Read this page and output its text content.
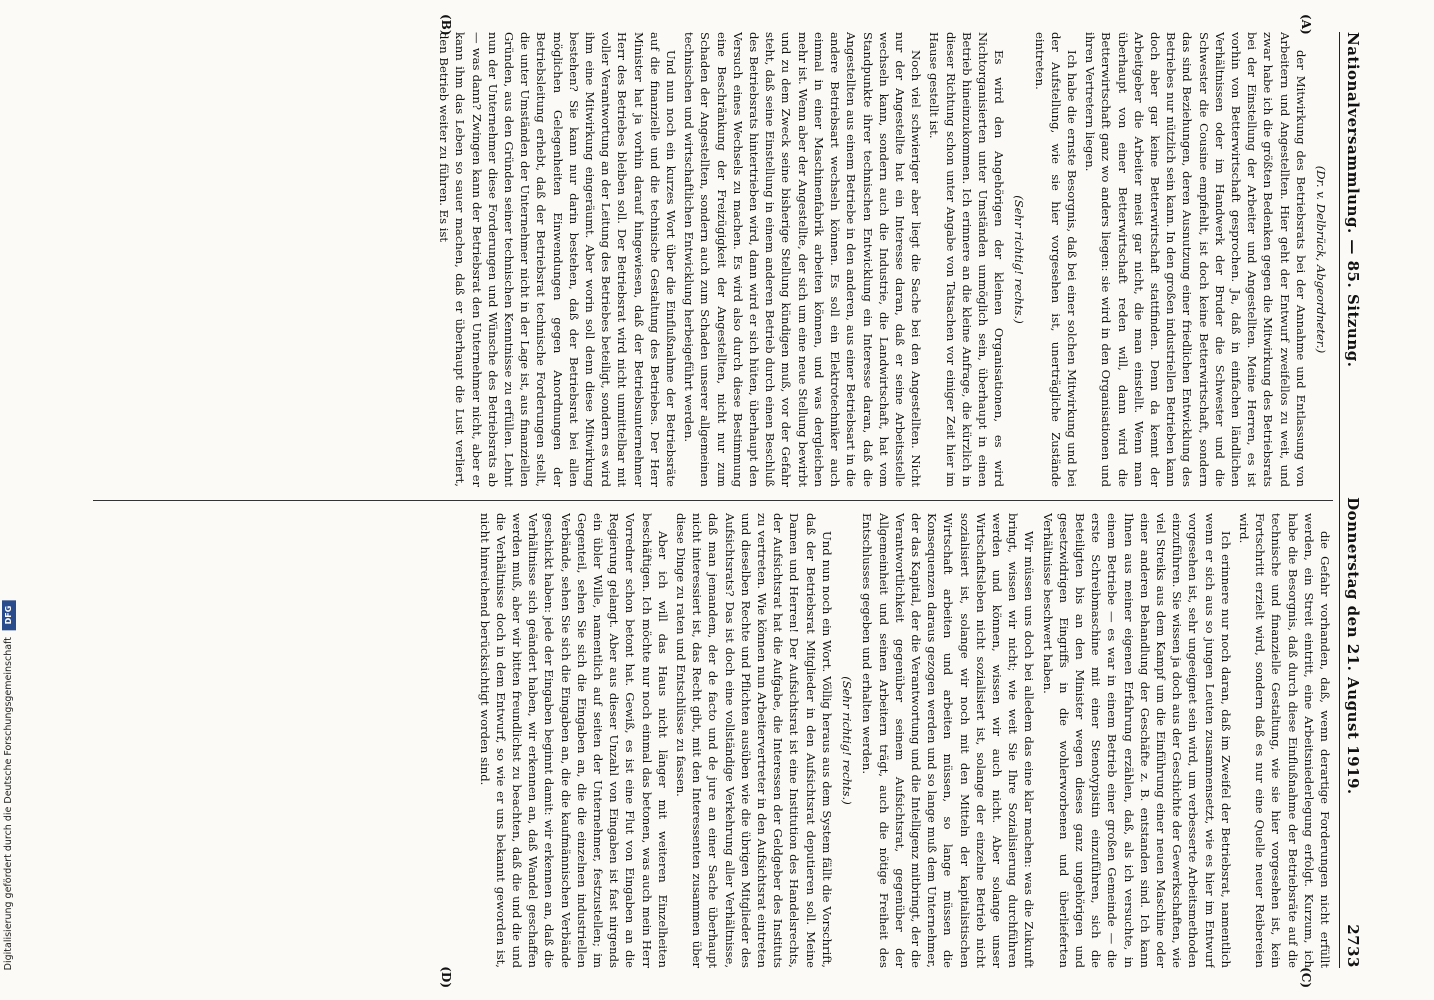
Nationalversammlung. — 85. Sitzung.
Donnerstag den 21. August 1919.
2733

(Dr. v. Delbrück, Abgeordneter.)

der Mitwirkung des Betriebsrats bei der Annahme und Entlassung von Arbeitern und Angestellten. Hier geht der Entwurf zweifellos zu weit, und zwar habe ich die größten Bedenken gegen die Mitwirkung des Betriebsrats bei der Einstellung der Arbeiter und Angestellten. Meine Herren, es ist vorhin von Betterwirtschaft gesprochen. Ja, daß in einfachen ländlichen Verhältnissen oder im Handwerk der Bruder die Schwester und die Schwester die Cousine empfiehlt, ist doch keine Betterwirtschaft, sondern das sind Beziehungen, deren Ausnutzung einer friedlichen Entwicklung des Betriebes nur nützlich sein kann. In den großen industriellen Betrieben kann doch aber gar keine Betterwirtschaft stattfinden. Denn da kennt der Arbeitgeber die Arbeiter meist gar nicht, die man einstellt. Wenn man überhaupt von einer Betterwirtschaft reden will, dann wird die Betterwirtschaft ganz wo anders liegen: sie wird in den Organisationen und ihren Vertretern liegen.

Ich habe die ernste Besorgnis, daß bei einer solchen Mitwirkung und bei der Aufstellung, wie sie hier vorgesehen ist, unerträgliche Zustände eintreten.

(Sehr richtig! rechts.)

Es wird den Angehörigen der kleinen Organisationen, es wird Nichtorganisierten unter Umständen unmöglich sein, überhaupt in einen Betrieb hineinzukommen. Ich erinnere an die kleine Anfrage, die kürzlich in dieser Richtung schon unter Angabe von Tatsachen vor einiger Zeit hier im Hause gestellt ist.

Noch viel schwieriger aber liegt die Sache bei den Angestellten. Nicht nur der Angestellte hat ein Interesse daran, daß er seine Arbeitsstelle wechseln kann, sondern auch die Industrie, die Landwirtschaft, hat vom Standpunkte ihrer technischen Entwicklung ein Interesse daran, daß die Angestellten aus einem Betriebe in den anderen, aus einer Betriebsart in die andere Betriebsart wechseln können. Es soll ein Elektrotechniker auch einmal in einer Maschinenfabrik arbeiten können, und was dergleichen mehr ist. Wenn aber der Angestellte, der sich um eine neue Stellung bewirbt und zu dem Zweck seine bisherige Stellung kündigen muß, vor der Gefahr steht, daß seine Einstellung in einem anderen Betrieb durch einen Beschluß des Betriebsrats hintertrieben wird, dann wird er sich hüten, überhaupt den Versuch eines Wechsels zu machen. Es wird also durch diese Bestimmung eine Beschränkung der Freizügigkeit der Angestellten, nicht nur zum Schaden der Angestellten, sondern auch zum Schaden unserer allgemeinen technischen und wirtschaftlichen Entwicklung herbeigeführt werden.

Und nun noch ein kurzes Wort über die Einflußnahme der Betriebsräte auf die finanzielle und die technische Gestaltung des Betriebes. Der Herr Minister hat ja vorhin darauf hingewiesen, daß der Betriebsunternehmer Herr des Betriebes bleiben soll. Der Betriebsrat wird nicht unmittelbar mit voller Verantwortung an der Leitung des Betriebes beteiligt, sondern es wird ihm eine Mitwirkung eingeräumt. Aber worin soll denn diese Mitwirkung bestehen? Sie kann nur darin bestehen, daß der Betriebsrat bei allen möglichen Gelegenheiten Einwendungen gegen Anordnungen der Betriebsleitung erhebt, daß der Betriebsrat technische Forderungen stellt, die unter Umständen der Unternehmer nicht in der Lage ist, aus finanziellen Gründen, aus den Gründen seiner technischen Kenntnisse zu erfüllen. Lehnt nun der Unternehmer diese Forderungen und Wünsche des Betriebsrats ab — was dann? Zwingen kann der Betriebsrat den Unternehmer nicht, aber er kann ihm das Leben so sauer machen, daß er überhaupt die Lust verliert, den Betrieb weiter zu führen. Es ist

die Gefahr vorhanden, daß, wenn derartige Forderungen nicht erfüllt werden, ein Streit eintritt, eine Arbeitsniederlegung erfolgt. Kurzum, ich habe die Besorgnis, daß durch diese Einflußnahme der Betriebsräte auf die technische und finanzielle Gestaltung, wie sie hier vorgesehen ist, kein Fortschritt erzielt wird, sondern daß es nur eine Quelle neuer Reibereien wird.

Ich erinnere nur noch daran, daß im Zweifel der Betriebsrat, namentlich wenn er sich aus so jungen Leuten zusammensetzt, wie es hier im Entwurf vorgesehen ist, sehr ungeeignet sein wird, um verbesserte Arbeitsmethoden einzuführen. Sie wissen ja doch aus der Geschichte der Gewerkschaften, wie viel Streiks aus dem Kampf um die Einführung einer neuen Maschine oder einer anderen Behandlung der Geschäfte z. B. entstanden sind. Ich kann Ihnen aus meiner eigenen Erfahrung erzählen, daß, als ich versuchte, in einem Betriebe — es war in einem Betrieb einer großen Gemeinde — die erste Schreibmaschine mit einer Stenotypistin einzuführen, sich die Beteiligten bis an den Minister wegen dieses ganz ungehörigen und gesetzwidrigen Eingriffs in die wohlerworbenen und überlieferten Verhältnisse beschwert haben.

Wir müssen uns doch bei alledem das eine klar machen: was die Zukunft bringt, wissen wir nicht; wie weit Sie Ihre Sozialisierung durchführen werden und können, wissen wir auch nicht. Aber solange unser Wirtschaftsleben nicht sozialisiert ist, solange der einzelne Betrieb nicht sozialisiert ist, solange wir noch mit den Mitteln der kapitalistischen Wirtschaft arbeiten und arbeiten müssen, so lange müssen die Konsequenzen daraus gezogen werden und so lange muß dem Unternehmer, der das Kapital, der die Verantwortung und die Intelligenz mitbringt, der die Verantwortlichkeit gegenüber seinem Aufsichtsrat, gegenüber der Allgemeinheit und seinen Arbeitern trägt, auch die nötige Freiheit des Entschlusses gegeben und erhalten werden.

(Sehr richtig! rechts.)

Und nun noch ein Wort. Völlig heraus aus dem System fällt die Vorschrift, daß der Betriebsrat Mitglieder in den Aufsichtsrat deputieren soll. Meine Damen und Herren! Der Aufsichtsrat ist eine Institution des Handelsrechts, der Aufsichtsrat hat die Aufgabe, die Interessen der Geldgeber des Instituts zu vertreten. Wie können nun Arbeitervertreter in den Aufsichtsrat eintreten und dieselben Rechte und Pflichten ausüben wie die übrigen Mitglieder des Aufsichtsrats? Das ist doch eine vollständige Verkehrung aller Verhältnisse, daß man jemandem, der de facto und de jure an einer Sache überhaupt nicht interessiert ist, das Recht gibt, mit den Interessenten zusammen über diese Dinge zu raten und Entschlüsse zu fassen.

Aber ich will das Haus nicht länger mit weiteren Einzelheiten beschäftigen. Ich möchte nur noch einmal das betonen, was auch mein Herr Vorredner schon betont hat. Gewiß, es ist eine Flut von Eingaben an die Regierung gelangt. Aber aus dieser Unzahl von Eingaben ist fast nirgends ein übler Wille, namentlich auf seiten der Unternehmer, festzustellen; im Gegenteil, sehen Sie sich die Eingaben an, die die einzelnen industriellen Verbände, sehen Sie sich die Eingaben an, die die kaufmännischen Verbände geschickt haben: jede der Eingaben beginnt damit: wir erkennen an, daß die Verhältnisse sich geändert haben, wir erkennen an, daß Wandel geschaffen werden muß, aber wir bitten freundlichst zu beachten, daß die und die und die Verhältnisse doch in dem Entwurf, so wie er uns bekannt geworden ist, nicht hinreichend berücksichtigt worden sind.

(A)
(B)
(C)
(D)
Digitalisierung gefördert durch die Deutsche Forschungsgemeinschaft DFG
